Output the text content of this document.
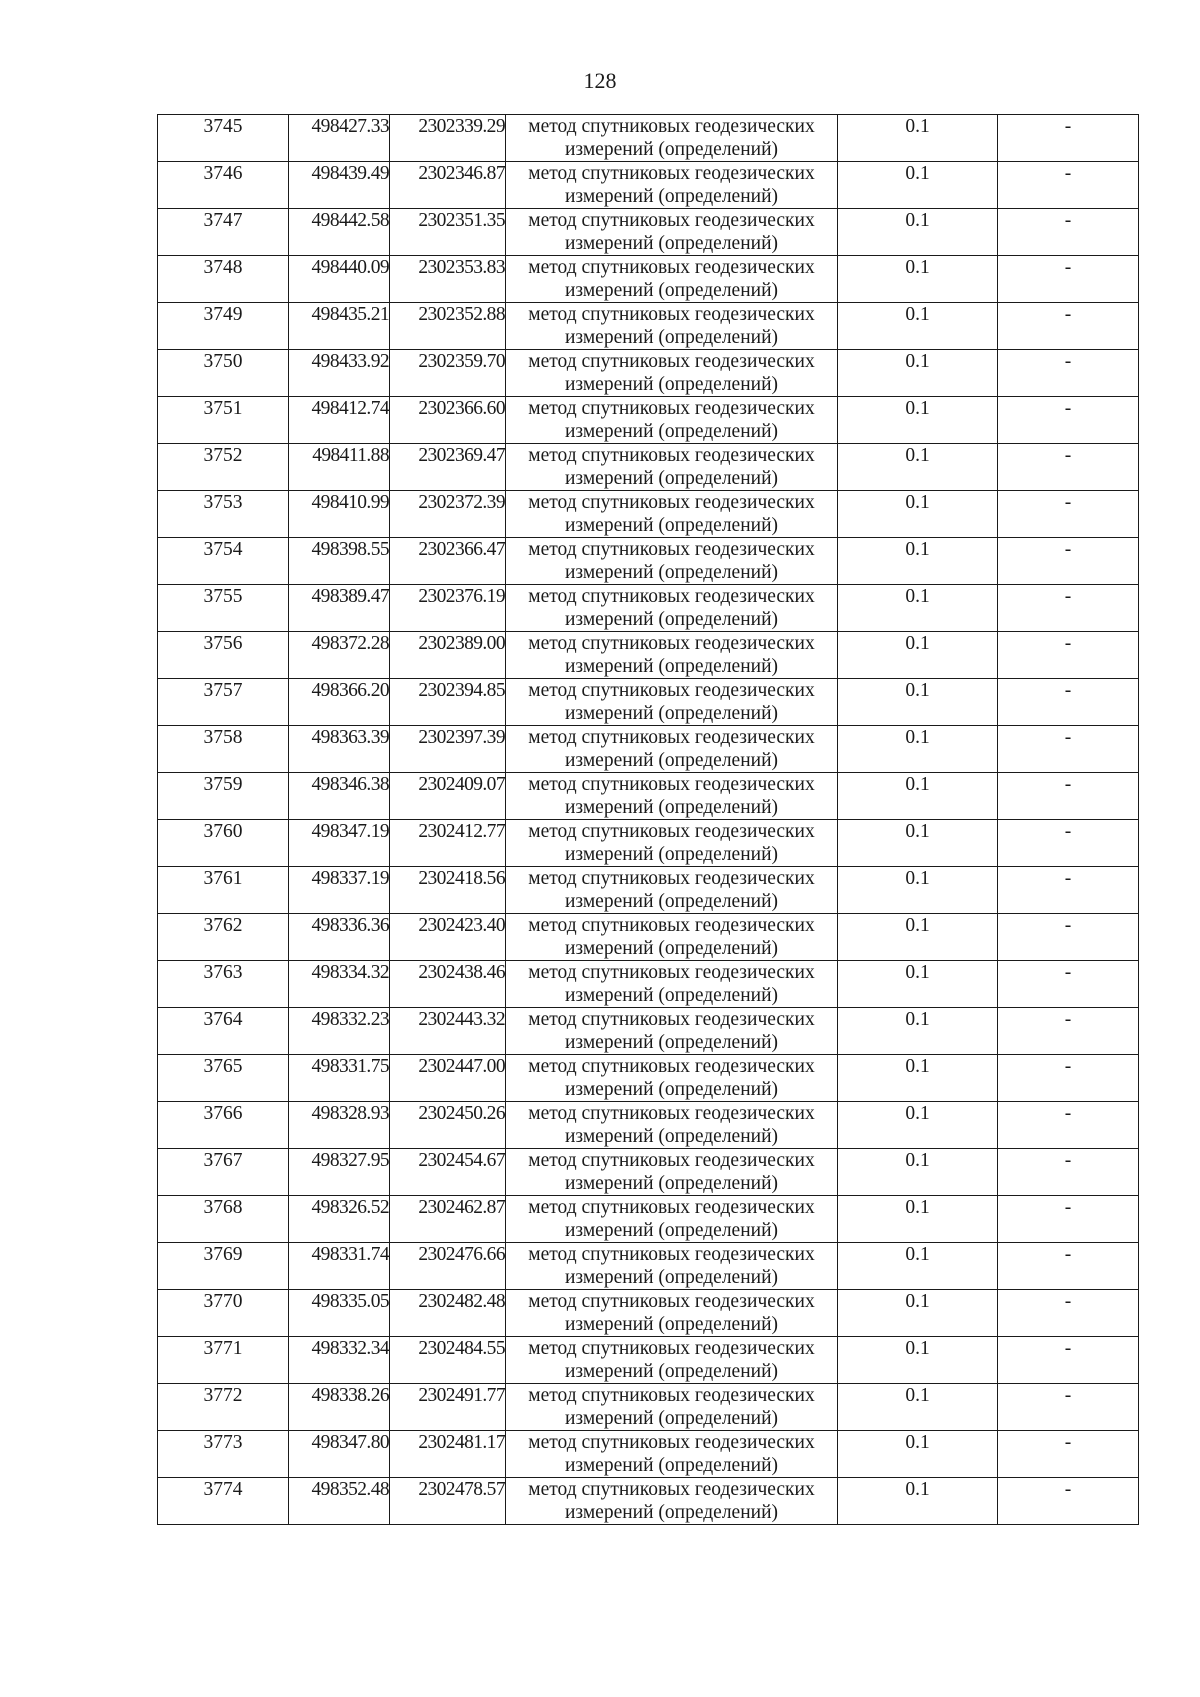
128
3745	498427.33	2302339.29	метод спутниковых геодезических
измерений (определений)	0.1	-
3746	498439.49	2302346.87	метод спутниковых геодезических
измерений (определений)	0.1	-
3747	498442.58	2302351.35	метод спутниковых геодезических
измерений (определений)	0.1	-
3748	498440.09	2302353.83	метод спутниковых геодезических
измерений (определений)	0.1	-
3749	498435.21	2302352.88	метод спутниковых геодезических
измерений (определений)	0.1	-
3750	498433.92	2302359.70	метод спутниковых геодезических
измерений (определений)	0.1	-
3751	498412.74	2302366.60	метод спутниковых геодезических
измерений (определений)	0.1	-
3752	498411.88	2302369.47	метод спутниковых геодезических
измерений (определений)	0.1	-
3753	498410.99	2302372.39	метод спутниковых геодезических
измерений (определений)	0.1	-
3754	498398.55	2302366.47	метод спутниковых геодезических
измерений (определений)	0.1	-
3755	498389.47	2302376.19	метод спутниковых геодезических
измерений (определений)	0.1	-
3756	498372.28	2302389.00	метод спутниковых геодезических
измерений (определений)	0.1	-
3757	498366.20	2302394.85	метод спутниковых геодезических
измерений (определений)	0.1	-
3758	498363.39	2302397.39	метод спутниковых геодезических
измерений (определений)	0.1	-
3759	498346.38	2302409.07	метод спутниковых геодезических
измерений (определений)	0.1	-
3760	498347.19	2302412.77	метод спутниковых геодезических
измерений (определений)	0.1	-
3761	498337.19	2302418.56	метод спутниковых геодезических
измерений (определений)	0.1	-
3762	498336.36	2302423.40	метод спутниковых геодезических
измерений (определений)	0.1	-
3763	498334.32	2302438.46	метод спутниковых геодезических
измерений (определений)	0.1	-
3764	498332.23	2302443.32	метод спутниковых геодезических
измерений (определений)	0.1	-
3765	498331.75	2302447.00	метод спутниковых геодезических
измерений (определений)	0.1	-
3766	498328.93	2302450.26	метод спутниковых геодезических
измерений (определений)	0.1	-
3767	498327.95	2302454.67	метод спутниковых геодезических
измерений (определений)	0.1	-
3768	498326.52	2302462.87	метод спутниковых геодезических
измерений (определений)	0.1	-
3769	498331.74	2302476.66	метод спутниковых геодезических
измерений (определений)	0.1	-
3770	498335.05	2302482.48	метод спутниковых геодезических
измерений (определений)	0.1	-
3771	498332.34	2302484.55	метод спутниковых геодезических
измерений (определений)	0.1	-
3772	498338.26	2302491.77	метод спутниковых геодезических
измерений (определений)	0.1	-
3773	498347.80	2302481.17	метод спутниковых геодезических
измерений (определений)	0.1	-
3774	498352.48	2302478.57	метод спутниковых геодезических
измерений (определений)	0.1	-
